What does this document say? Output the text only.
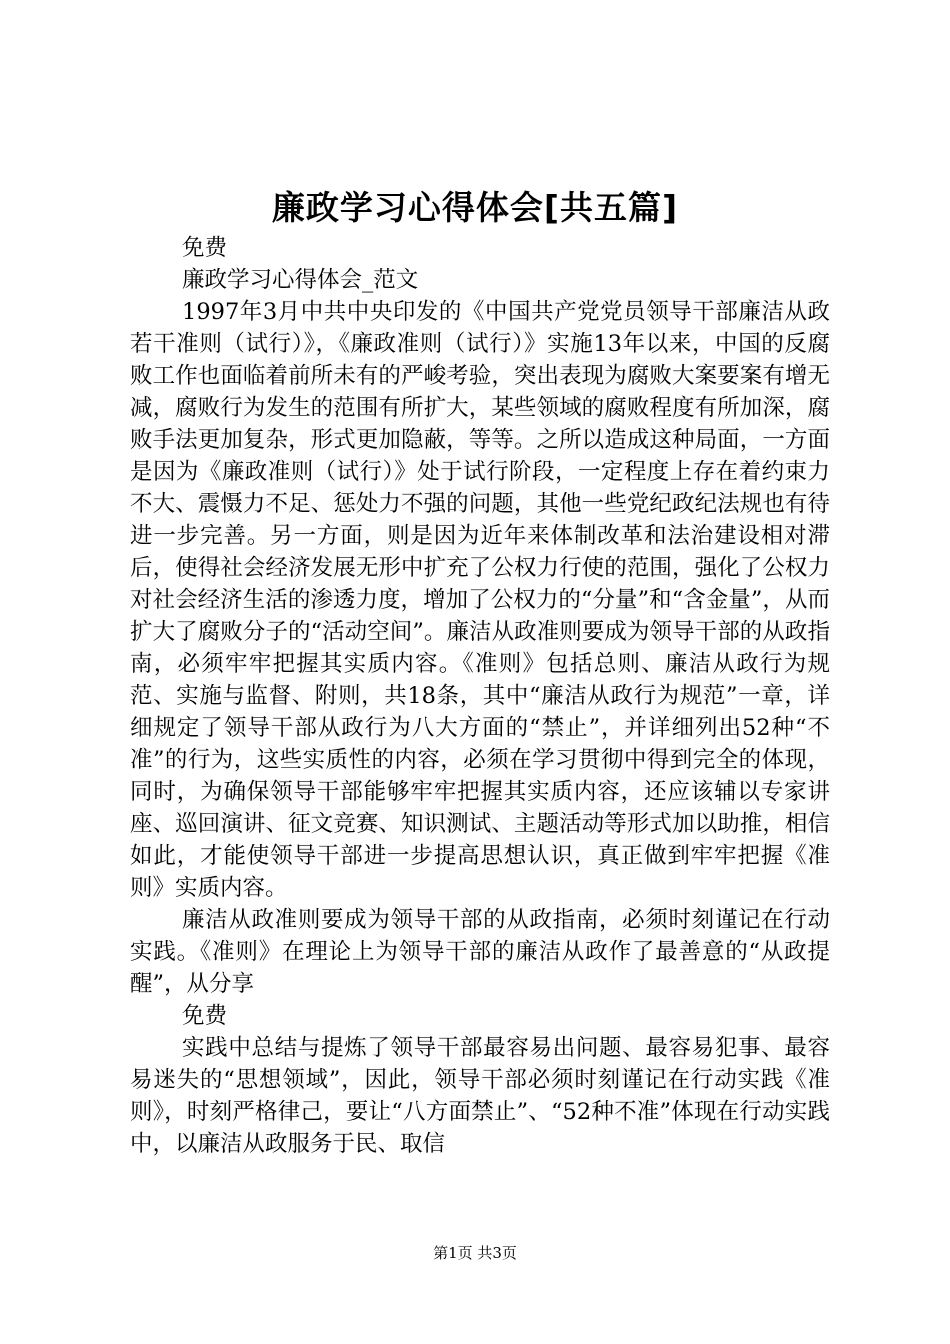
廉政学习心得体会[共五篇]

免费

廉政学习心得体会_范文

1997年3月中共中央印发的《中国共产党党员领导干部廉洁从政若干准则（试行）》，《廉政准则（试行）》实施13年以来，中国的反腐败工作也面临着前所未有的严峻考验，突出表现为腐败大案要案有增无减，腐败行为发生的范围有所扩大，某些领域的腐败程度有所加深，腐败手法更加复杂，形式更加隐蔽，等等。之所以造成这种局面，一方面是因为《廉政准则（试行）》处于试行阶段，一定程度上存在着约束力不大、震慑力不足、惩处力不强的问题，其他一些党纪政纪法规也有待进一步完善。另一方面，则是因为近年来体制改革和法治建设相对滞后，使得社会经济发展无形中扩充了公权力行使的范围，强化了公权力对社会经济生活的渗透力度，增加了公权力的“分量”和“含金量”，从而扩大了腐败分子的“活动空间”。廉洁从政准则要成为领导干部的从政指南，必须牢牢把握其实质内容。《准则》包括总则、廉洁从政行为规范、实施与监督、附则，共18条，其中“廉洁从政行为规范”一章，详细规定了领导干部从政行为八大方面的“禁止”，并详细列出52种“不准”的行为，这些实质性的内容，必须在学习贯彻中得到完全的体现，同时，为确保领导干部能够牢牢把握其实质内容，还应该辅以专家讲座、巡回演讲、征文竞赛、知识测试、主题活动等形式加以助推，相信如此，才能使领导干部进一步提高思想认识，真正做到牢牢把握《准则》实质内容。

廉洁从政准则要成为领导干部的从政指南，必须时刻谨记在行动实践。《准则》在理论上为领导干部的廉洁从政作了最善意的“从政提醒”，从分享

免费

实践中总结与提炼了领导干部最容易出问题、最容易犯事、最容易迷失的“思想领域”，因此，领导干部必须时刻谨记在行动实践《准则》，时刻严格律己，要让“八方面禁止”、“52种不准”体现在行动实践中，以廉洁从政服务于民、取信

第1页 共3页
